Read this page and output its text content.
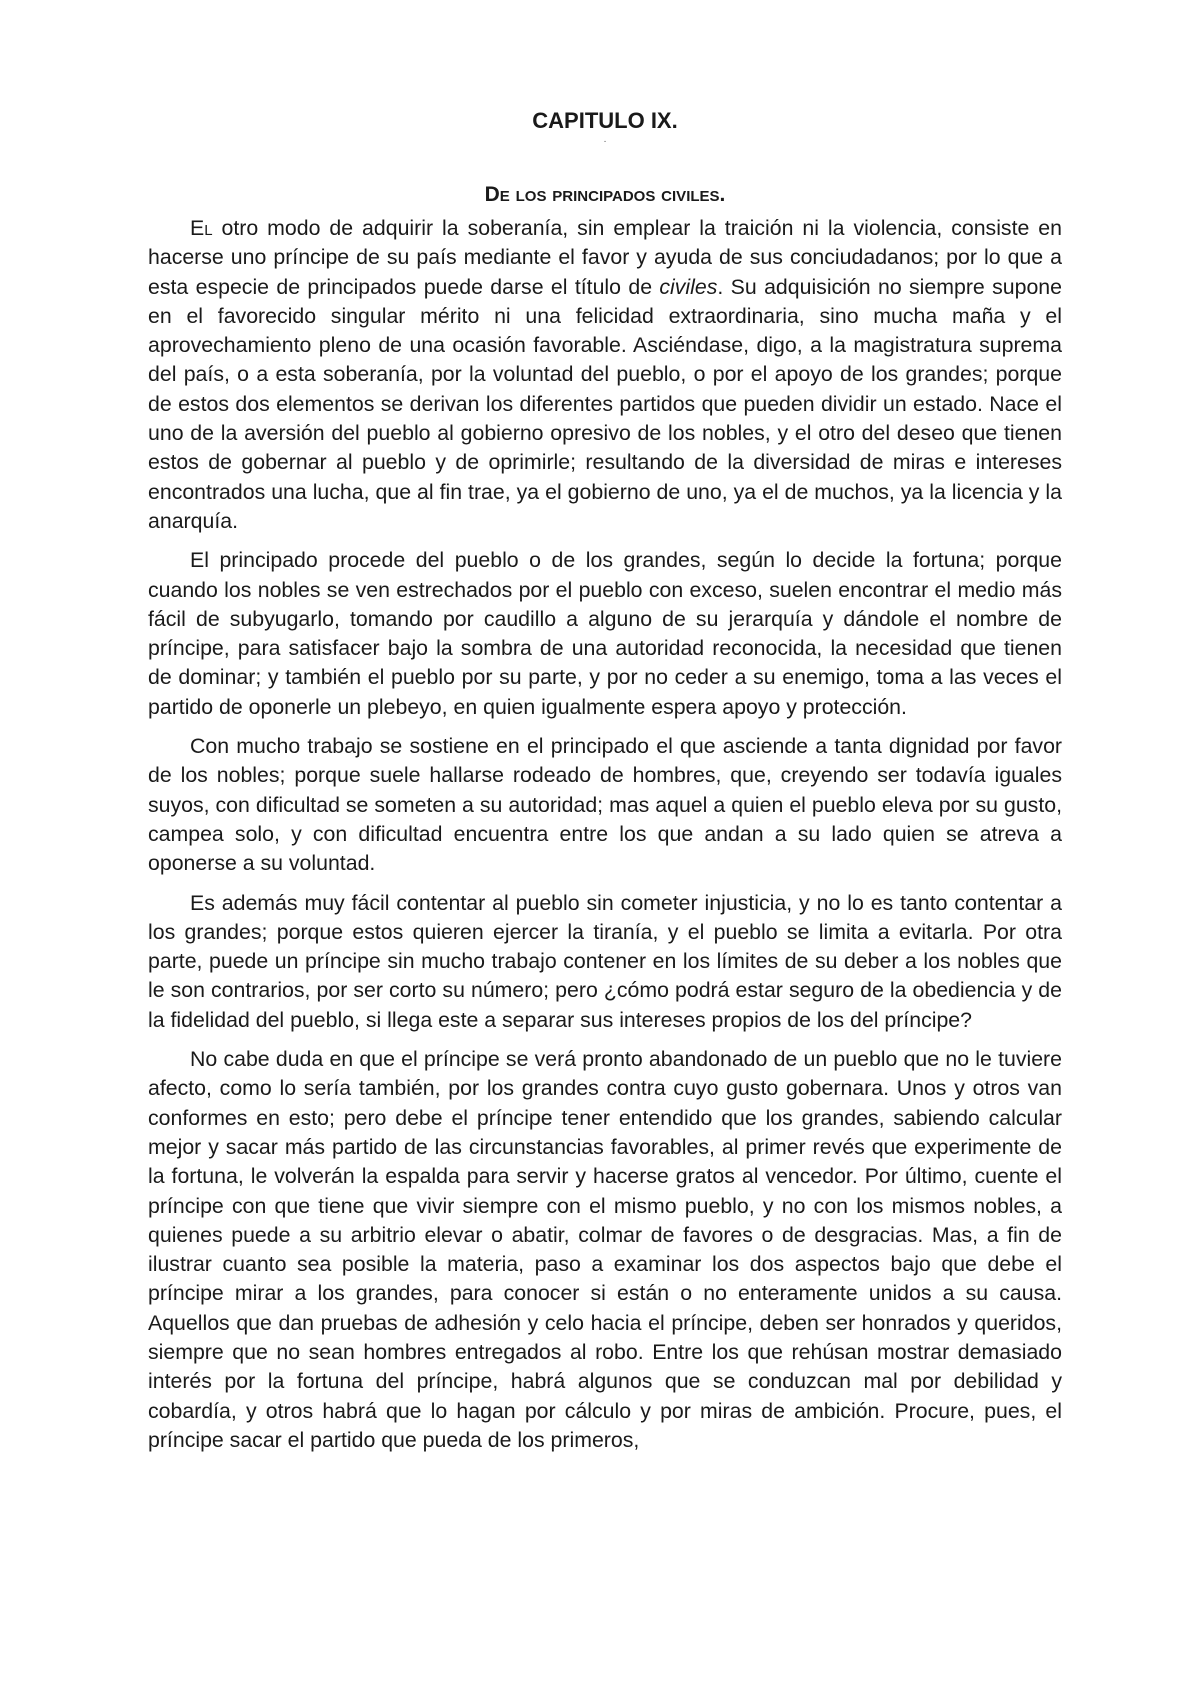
CAPITULO IX.
·
De los principados civiles.

El otro modo de adquirir la soberanía, sin emplear la traición ni la violencia, consiste en hacerse uno príncipe de su país mediante el favor y ayuda de sus conciudadanos; por lo que a esta especie de principados puede darse el título de civiles. Su adquisición no siempre supone en el favorecido singular mérito ni una felicidad extraordinaria, sino mucha maña y el aprovechamiento pleno de una ocasión favorable. Asciéndase, digo, a la magistratura suprema del país, o a esta soberanía, por la voluntad del pueblo, o por el apoyo de los grandes; porque de estos dos elementos se derivan los diferentes partidos que pueden dividir un estado. Nace el uno de la aversión del pueblo al gobierno opresivo de los nobles, y el otro del deseo que tienen estos de gobernar al pueblo y de oprimirle; resultando de la diversidad de miras e intereses encontrados una lucha, que al fin trae, ya el gobierno de uno, ya el de muchos, ya la licencia y la anarquía.

El principado procede del pueblo o de los grandes, según lo decide la fortuna; porque cuando los nobles se ven estrechados por el pueblo con exceso, suelen encontrar el medio más fácil de subyugarlo, tomando por caudillo a alguno de su jerarquía y dándole el nombre de príncipe, para satisfacer bajo la sombra de una autoridad reconocida, la necesidad que tienen de dominar; y también el pueblo por su parte, y por no ceder a su enemigo, toma a las veces el partido de oponerle un plebeyo, en quien igualmente espera apoyo y protección.

Con mucho trabajo se sostiene en el principado el que asciende a tanta dignidad por favor de los nobles; porque suele hallarse rodeado de hombres, que, creyendo ser todavía iguales suyos, con dificultad se someten a su autoridad; mas aquel a quien el pueblo eleva por su gusto, campea solo, y con dificultad encuentra entre los que andan a su lado quien se atreva a oponerse a su voluntad.

Es además muy fácil contentar al pueblo sin cometer injusticia, y no lo es tanto contentar a los grandes; porque estos quieren ejercer la tiranía, y el pueblo se limita a evitarla. Por otra parte, puede un príncipe sin mucho trabajo contener en los límites de su deber a los nobles que le son contrarios, por ser corto su número; pero ¿cómo podrá estar seguro de la obediencia y de la fidelidad del pueblo, si llega este a separar sus intereses propios de los del príncipe?

No cabe duda en que el príncipe se verá pronto abandonado de un pueblo que no le tuviere afecto, como lo sería también, por los grandes contra cuyo gusto gobernara. Unos y otros van conformes en esto; pero debe el príncipe tener entendido que los grandes, sabiendo calcular mejor y sacar más partido de las circunstancias favorables, al primer revés que experimente de la fortuna, le volverán la espalda para servir y hacerse gratos al vencedor. Por último, cuente el príncipe con que tiene que vivir siempre con el mismo pueblo, y no con los mismos nobles, a quienes puede a su arbitrio elevar o abatir, colmar de favores o de desgracias. Mas, a fin de ilustrar cuanto sea posible la materia, paso a examinar los dos aspectos bajo que debe el príncipe mirar a los grandes, para conocer si están o no enteramente unidos a su causa. Aquellos que dan pruebas de adhesión y celo hacia el príncipe, deben ser honrados y queridos, siempre que no sean hombres entregados al robo. Entre los que rehúsan mostrar demasiado interés por la fortuna del príncipe, habrá algunos que se conduzcan mal por debilidad y cobardía, y otros habrá que lo hagan por cálculo y por miras de ambición. Procure, pues, el príncipe sacar el partido que pueda de los primeros,
